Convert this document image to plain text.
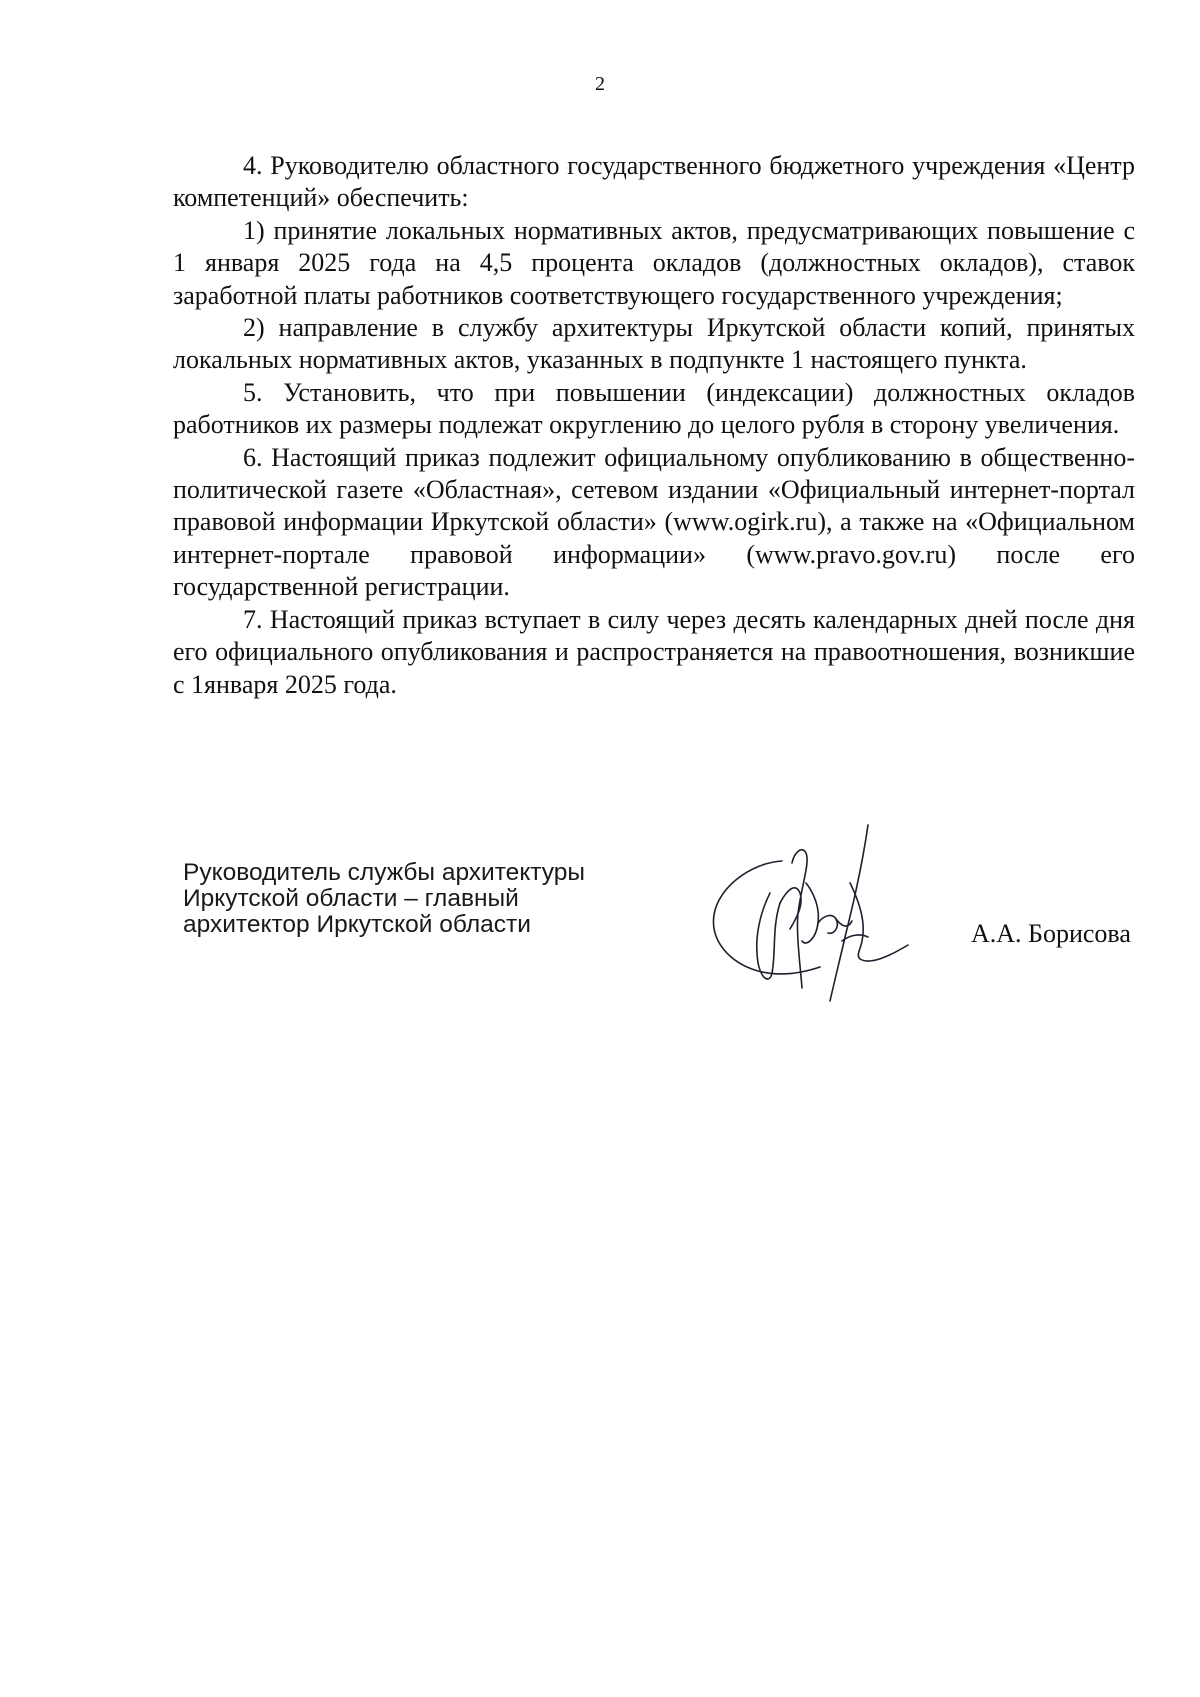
2

4. Руководителю областного государственного бюджетного учреждения «Центр компетенций» обеспечить:

1) принятие локальных нормативных актов, предусматривающих повышение с 1 января 2025 года на 4,5 процента окладов (должностных окладов), ставок заработной платы работников соответствующего государственного учреждения;

2) направление в службу архитектуры Иркутской области копий, принятых локальных нормативных актов, указанных в подпункте 1 настоящего пункта.

5. Установить, что при повышении (индексации) должностных окладов работников их размеры подлежат округлению до целого рубля в сторону увеличения.

6. Настоящий приказ подлежит официальному опубликованию в общественно-политической газете «Областная», сетевом издании «Официальный интернет-портал правовой информации Иркутской области» (www.ogirk.ru), а также на «Официальном интернет-портале правовой информации» (www.pravo.gov.ru) после его государственной регистрации.

7. Настоящий приказ вступает в силу через десять календарных дней после дня его официального опубликования и распространяется на правоотношения, возникшие с 1января 2025 года.

Руководитель службы архитектуры
Иркутской области – главный
архитектор Иркутской области	А.А. Борисова
